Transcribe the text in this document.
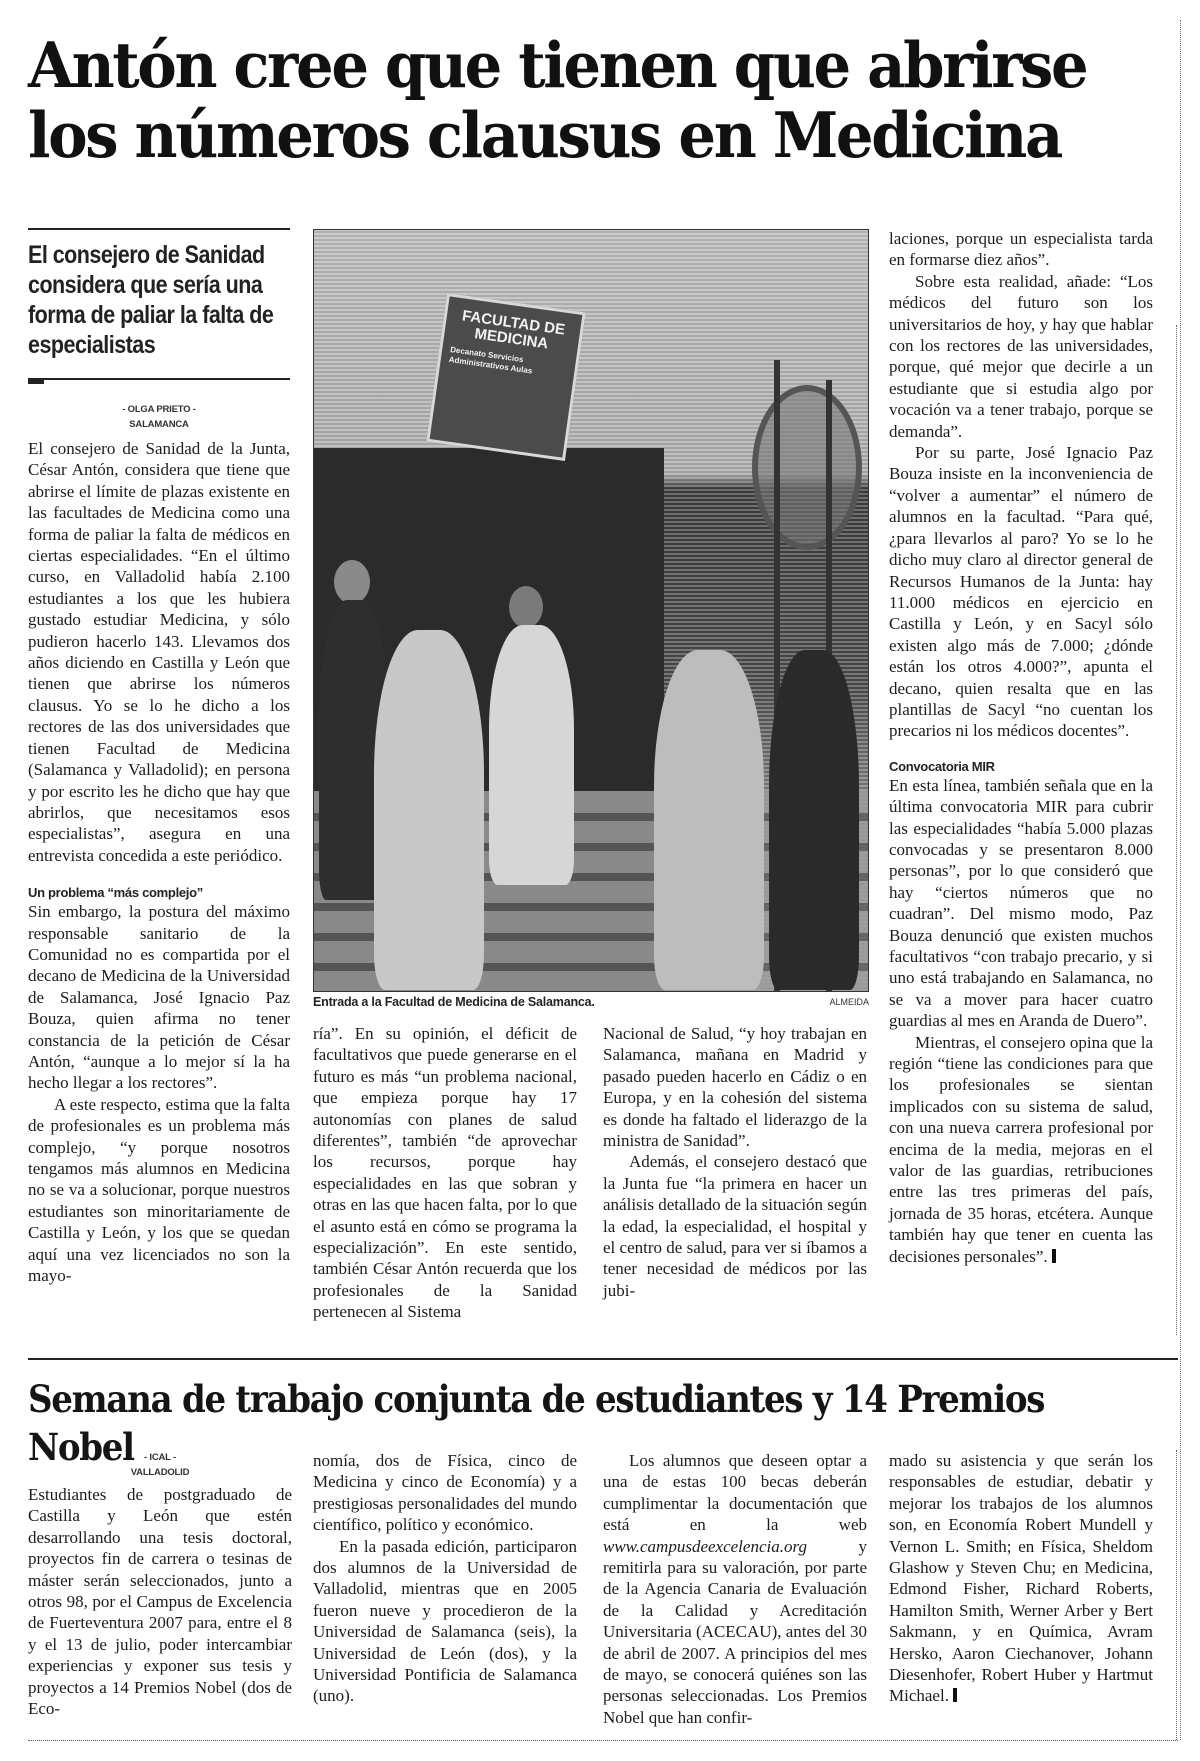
Antón cree que tienen que abrirse
los números clausus en Medicina
El consejero de Sanidad considera que sería una forma de paliar la falta de especialistas
- OLGA PRIETO -
SALAMANCA

El consejero de Sanidad de la Junta, César Antón, considera que tiene que abrirse el límite de plazas existente en las facultades de Medicina como una forma de paliar la falta de médicos en ciertas especialidades. “En el último curso, en Valladolid había 2.100 estudiantes a los que les hubiera gustado estudiar Medicina, y sólo pudieron hacerlo 143. Llevamos dos años diciendo en Castilla y León que tienen que abrirse los números clausus. Yo se lo he dicho a los rectores de las dos universidades que tienen Facultad de Medicina (Salamanca y Valladolid); en persona y por escrito les he dicho que hay que abrirlos, que necesitamos esos especialistas”, asegura en una entrevista concedida a este periódico.

Un problema “más complejo”

Sin embargo, la postura del máximo responsable sanitario de la Comunidad no es compartida por el decano de Medicina de la Universidad de Salamanca, José Ignacio Paz Bouza, quien afirma no tener constancia de la petición de César Antón, “aunque a lo mejor sí la ha hecho llegar a los rectores”.

A este respecto, estima que la falta de profesionales es un problema más complejo, “y porque nosotros tengamos más alumnos en Medicina no se va a solucionar, porque nuestros estudiantes son minoritariamente de Castilla y León, y los que se quedan aquí una vez licenciados no son la mayo-

FACULTAD DE MEDICINA
Decanato Servicios Administrativos Aulas
Entrada a la Facultad de Medicina de Salamanca.	ALMEIDA

ría”. En su opinión, el déficit de facultativos que puede generarse en el futuro es más “un problema nacional, que empieza porque hay 17 autonomías con planes de salud diferentes”, también “de aprovechar los recursos, porque hay especialidades en las que sobran y otras en las que hacen falta, por lo que el asunto está en cómo se programa la especialización”. En este sentido, también César Antón recuerda que los profesionales de la Sanidad pertenecen al Sistema

Nacional de Salud, “y hoy trabajan en Salamanca, mañana en Madrid y pasado pueden hacerlo en Cádiz o en Europa, y en la cohesión del sistema es donde ha faltado el liderazgo de la ministra de Sanidad”.

Además, el consejero destacó que la Junta fue “la primera en hacer un análisis detallado de la situación según la edad, la especialidad, el hospital y el centro de salud, para ver si íbamos a tener necesidad de médicos por las jubi-

laciones, porque un especialista tarda en formarse diez años”.

Sobre esta realidad, añade: “Los médicos del futuro son los universitarios de hoy, y hay que hablar con los rectores de las universidades, porque, qué mejor que decirle a un estudiante que si estudia algo por vocación va a tener trabajo, porque se demanda”.

Por su parte, José Ignacio Paz Bouza insiste en la inconveniencia de “volver a aumentar” el número de alumnos en la facultad. “Para qué, ¿para llevarlos al paro? Yo se lo he dicho muy claro al director general de Recursos Humanos de la Junta: hay 11.000 médicos en ejercicio en Castilla y León, y en Sacyl sólo existen algo más de 7.000; ¿dónde están los otros 4.000?”, apunta el decano, quien resalta que en las plantillas de Sacyl “no cuentan los precarios ni los médicos docentes”.

Convocatoria MIR

En esta línea, también señala que en la última convocatoria MIR para cubrir las especialidades “había 5.000 plazas convocadas y se presentaron 8.000 personas”, por lo que consideró que hay “ciertos números que no cuadran”. Del mismo modo, Paz Bouza denunció que existen muchos facultativos “con trabajo precario, y si uno está trabajando en Salamanca, no se va a mover para hacer cuatro guardias al mes en Aranda de Duero”.

Mientras, el consejero opina que la región “tiene las condiciones para que los profesionales se sientan implicados con su sistema de salud, con una nueva carrera profesional por encima de la media, mejoras en el valor de las guardias, retribuciones entre las tres primeras del país, jornada de 35 horas, etcétera. Aunque también hay que tener en cuenta las decisiones personales”.

Semana de trabajo conjunta de estudiantes y 14 Premios Nobel	- ICAL -
VALLADOLID

Estudiantes de postgraduado de Castilla y León que estén desarrollando una tesis doctoral, proyectos fin de carrera o tesinas de máster serán seleccionados, junto a otros 98, por el Campus de Excelencia de Fuerteventura 2007 para, entre el 8 y el 13 de julio, poder intercambiar experiencias y exponer sus tesis y proyectos a 14 Premios Nobel (dos de Eco-

nomía, dos de Física, cinco de Medicina y cinco de Economía) y a prestigiosas personalidades del mundo científico, político y económico.

En la pasada edición, participaron dos alumnos de la Universidad de Valladolid, mientras que en 2005 fueron nueve y procedieron de la Universidad de Salamanca (seis), la Universidad de León (dos), y la Universidad Pontificia de Salamanca (uno).

Los alumnos que deseen optar a una de estas 100 becas deberán cumplimentar la documentación que está en la web www.campusdeexcelencia.org y remitirla para su valoración, por parte de la Agencia Canaria de Evaluación de la Calidad y Acreditación Universitaria (ACECAU), antes del 30 de abril de 2007. A principios del mes de mayo, se conocerá quiénes son las personas seleccionadas. Los Premios Nobel que han confir-

mado su asistencia y que serán los responsables de estudiar, debatir y mejorar los trabajos de los alumnos son, en Economía Robert Mundell y Vernon L. Smith; en Física, Sheldom Glashow y Steven Chu; en Medicina, Edmond Fisher, Richard Roberts, Hamilton Smith, Werner Arber y Bert Sakmann, y en Química, Avram Hersko, Aaron Ciechanover, Johann Diesenhofer, Robert Huber y Hartmut Michael.
